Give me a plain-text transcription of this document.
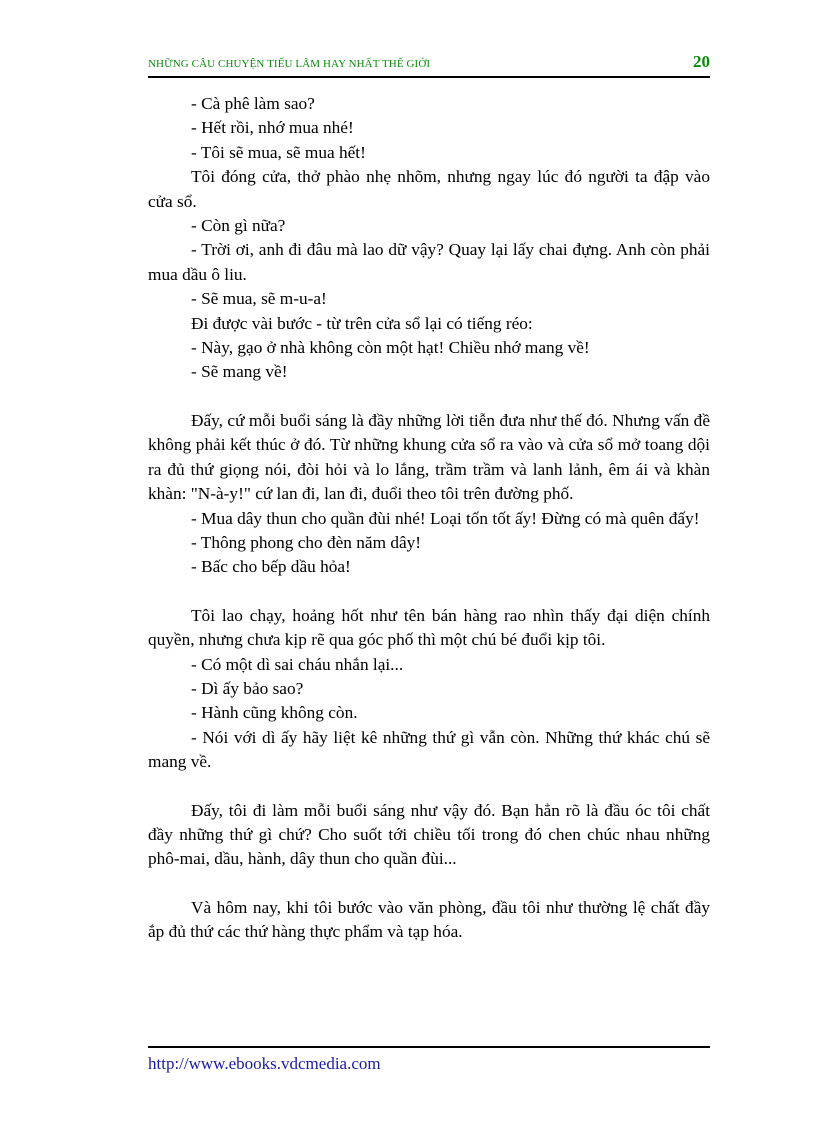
NHỮNG CÂU CHUYỆN TIẾU LÂM HAY NHẤT THẾ GIỚI	20

- Cà phê làm sao?

- Hết rồi, nhớ mua nhé!

- Tôi sẽ mua, sẽ mua hết!

Tôi đóng cửa, thở phào nhẹ nhõm, nhưng ngay lúc đó người ta đập vào cửa sổ.

- Còn gì nữa?

- Trời ơi, anh đi đâu mà lao dữ vậy? Quay lại lấy chai đựng. Anh còn phải mua dầu ô liu.

- Sẽ mua, sẽ m-u-a!

Đi được vài bước - từ trên cửa sổ lại có tiếng réo:

- Này, gạo ở nhà không còn một hạt! Chiều nhớ mang về!

- Sẽ mang về!

Đấy, cứ mỗi buổi sáng là đầy những lời tiễn đưa như thế đó. Nhưng vấn đề không phải kết thúc ở đó. Từ những khung cửa sổ ra vào và cửa sổ mở toang dội ra đủ thứ giọng nói, đòi hỏi và lo lắng, trầm trầm và lanh lảnh, êm ái và khàn khàn: "N-à-y!" cứ lan đi, lan đi, đuổi theo tôi trên đường phố.

- Mua dây thun cho quần đùi nhé! Loại tốn tốt ấy! Đừng có mà quên đấy!

- Thông phong cho đèn năm dây!

- Bấc cho bếp dầu hỏa!

Tôi lao chạy, hoảng hốt như tên bán hàng rao nhìn thấy đại diện chính quyền, nhưng chưa kịp rẽ qua góc phố thì một chú bé đuổi kịp tôi.

- Có một dì sai cháu nhắn lại...

- Dì ấy bảo sao?

- Hành cũng không còn.

- Nói với dì ấy hãy liệt kê những thứ gì vẫn còn. Những thứ khác chú sẽ mang về.

Đấy, tôi đi làm mỗi buổi sáng như vậy đó. Bạn hẳn rõ là đầu óc tôi chất đầy những thứ gì chứ? Cho suốt tới chiều tối trong đó chen chúc nhau những phô-mai, dầu, hành, dây thun cho quần đùi...

Và hôm nay, khi tôi bước vào văn phòng, đầu tôi như thường lệ chất đầy ắp đủ thứ các thứ hàng thực phẩm và tạp hóa.

http://www.ebooks.vdcmedia.com
